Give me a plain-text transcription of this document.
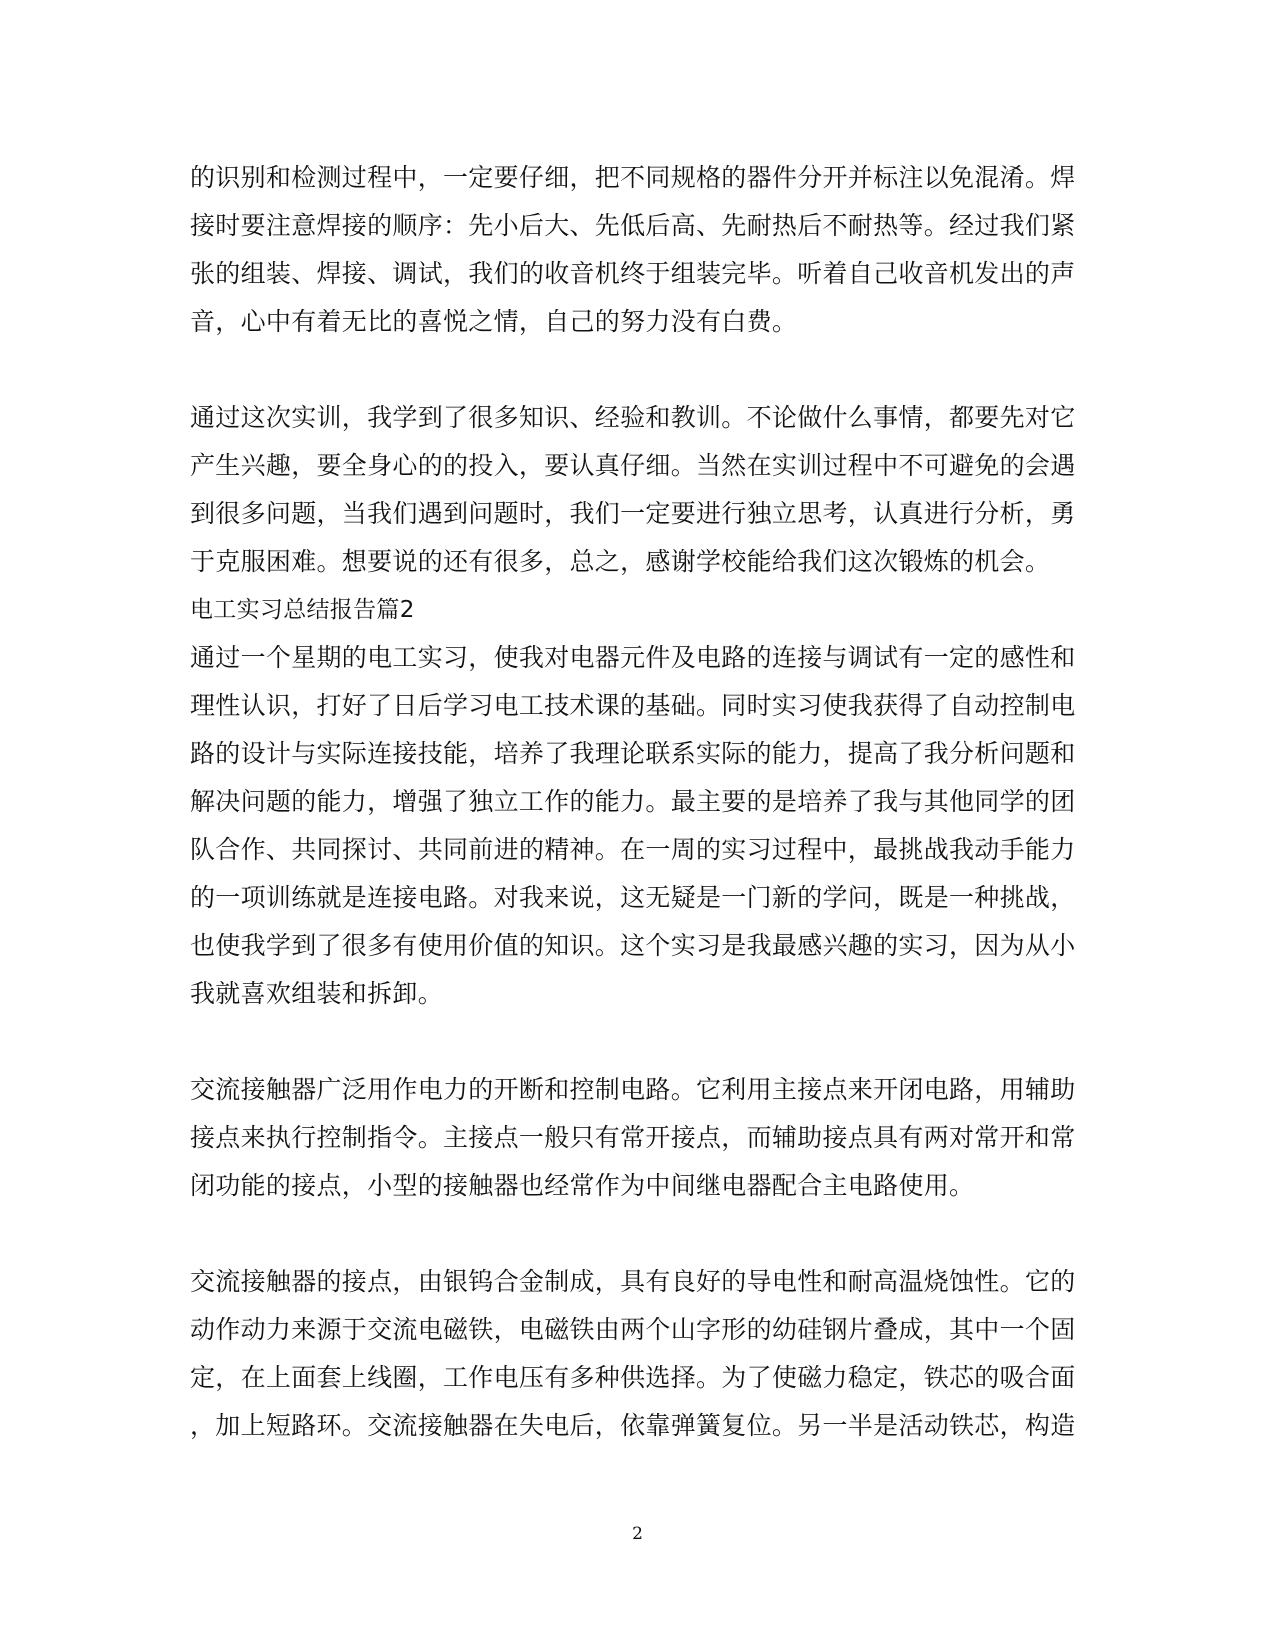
的识别和检测过程中，一定要仔细，把不同规格的器件分开并标注以免混淆。焊
接时要注意焊接的顺序：先小后大、先低后高、先耐热后不耐热等。经过我们紧
张的组装、焊接、调试，我们的收音机终于组装完毕。听着自己收音机发出的声
音，心中有着无比的喜悦之情，自己的努力没有白费。
通过这次实训，我学到了很多知识、经验和教训。不论做什么事情，都要先对它
产生兴趣，要全身心的的投入，要认真仔细。当然在实训过程中不可避免的会遇
到很多问题，当我们遇到问题时，我们一定要进行独立思考，认真进行分析，勇
于克服困难。想要说的还有很多，总之，感谢学校能给我们这次锻炼的机会。
电工实习总结报告篇2
通过一个星期的电工实习，使我对电器元件及电路的连接与调试有一定的感性和
理性认识，打好了日后学习电工技术课的基础。同时实习使我获得了自动控制电
路的设计与实际连接技能，培养了我理论联系实际的能力，提高了我分析问题和
解决问题的能力，增强了独立工作的能力。最主要的是培养了我与其他同学的团
队合作、共同探讨、共同前进的精神。在一周的实习过程中，最挑战我动手能力
的一项训练就是连接电路。对我来说，这无疑是一门新的学问，既是一种挑战，
也使我学到了很多有使用价值的知识。这个实习是我最感兴趣的实习，因为从小
我就喜欢组装和拆卸。
交流接触器广泛用作电力的开断和控制电路。它利用主接点来开闭电路，用辅助
接点来执行控制指令。主接点一般只有常开接点，而辅助接点具有两对常开和常
闭功能的接点，小型的接触器也经常作为中间继电器配合主电路使用。
交流接触器的接点，由银钨合金制成，具有良好的导电性和耐高温烧蚀性。它的
动作动力来源于交流电磁铁，电磁铁由两个山字形的幼硅钢片叠成，其中一个固
定，在上面套上线圈，工作电压有多种供选择。为了使磁力稳定，铁芯的吸合面
，加上短路环。交流接触器在失电后，依靠弹簧复位。另一半是活动铁芯，构造
2
